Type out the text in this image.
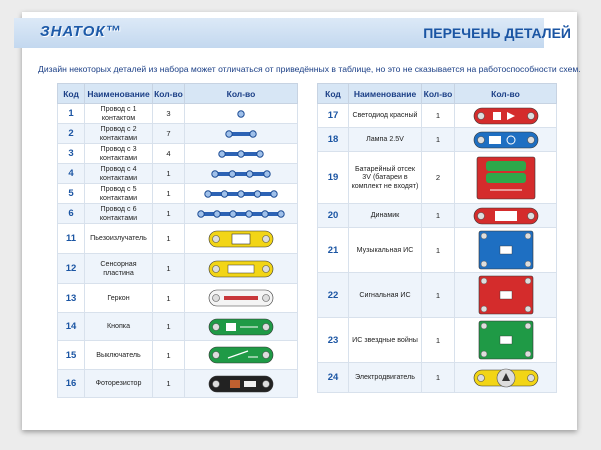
ЗНАТОК™	ПЕРЕЧЕНЬ ДЕТАЛЕЙ
Дизайн некоторых деталей из набора может отличаться от приведённых в таблице, но это не сказывается на работоспособности схем.
Код	Наименование	Кол-во	Кол-во
1	Провод с 1 контактом	3	

2	Провод с 2 контактами	7	

3	Провод с 3 контактами	4	

4	Провод с 4 контактами	1	

5	Провод с 5 контактами	1	

6	Провод с 6 контактами	1	

11	Пьезоизлучатель	1	

12	Сенсорная пластина	1	

13	Геркон	1	

14	Кнопка	1	

15	Выключатель	1	

16	Фоторезистор	1	
Код	Наименование	Кол-во	Кол-во
17	Светодиод красный	1	

18	Лампа 2.5V	1	

19	Батарейный отсек 3V (батареи в комплект не входят)	2	

20	Динамик	1	

21	Музыкальная ИС	1	

22	Сигнальная ИС	1	

23	ИС звездные войны	1	

24	Электродвигатель	1	
